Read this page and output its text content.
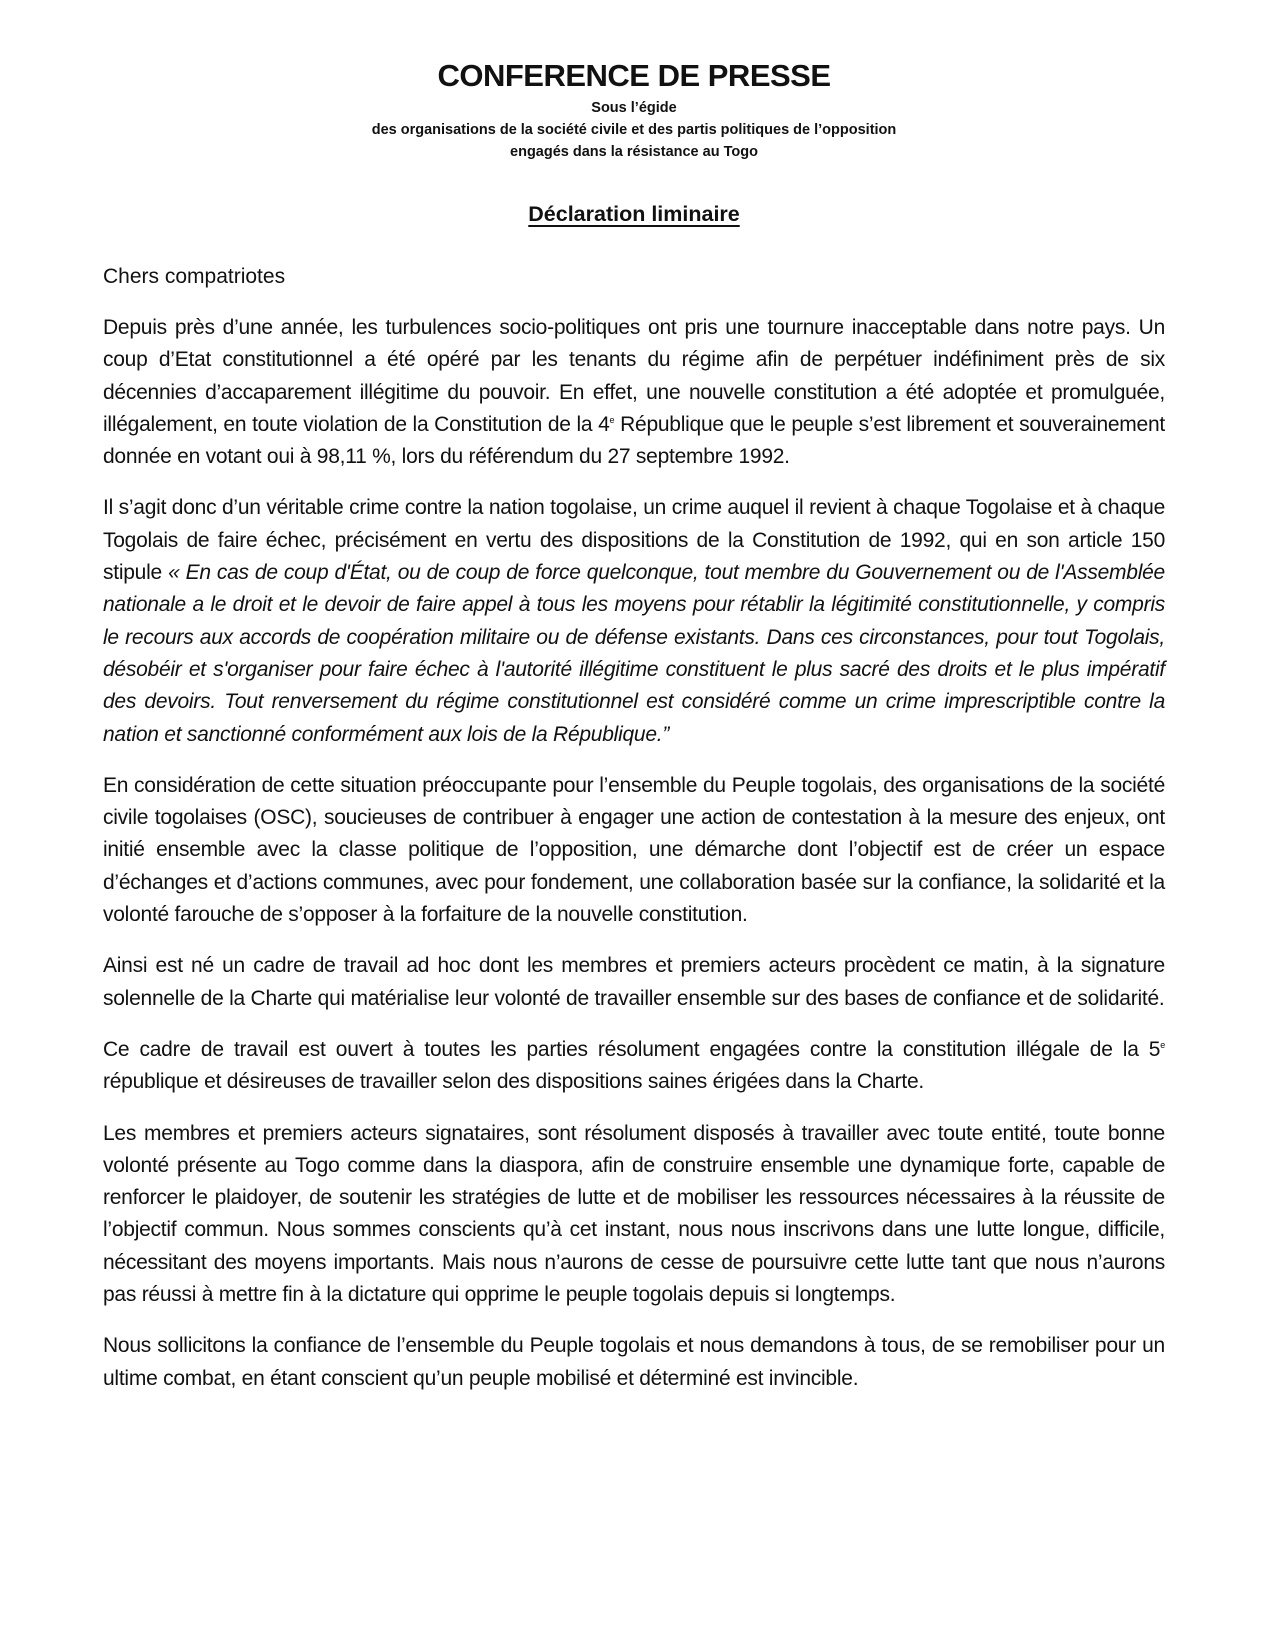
CONFERENCE DE PRESSE

Sous l’égide

des organisations de la société civile et des partis politiques de l’opposition

engagés dans la résistance au Togo

Déclaration liminaire
Chers compatriotes
Depuis près d’une année, les turbulences socio-politiques ont pris une tournure inacceptable dans notre pays. Un coup d’Etat constitutionnel a été opéré par les tenants du régime afin de perpétuer indéfiniment près de six décennies d’accaparement illégitime du pouvoir. En effet, une nouvelle constitution a été adoptée et promulguée, illégalement, en toute violation de la Constitution de la 4e République que le peuple s’est librement et souverainement donnée en votant oui à 98,11 %, lors du référendum du 27 septembre 1992.
Il s’agit donc d’un véritable crime contre la nation togolaise, un crime auquel il revient à chaque Togolaise et à chaque Togolais de faire échec, précisément en vertu des dispositions de la Constitution de 1992, qui en son article 150 stipule « En cas de coup d'État, ou de coup de force quelconque, tout membre du Gouvernement ou de l'Assemblée nationale a le droit et le devoir de faire appel à tous les moyens pour rétablir la légitimité constitutionnelle, y compris le recours aux accords de coopération militaire ou de défense existants. Dans ces circonstances, pour tout Togolais, désobéir et s'organiser pour faire échec à l'autorité illégitime constituent le plus sacré des droits et le plus impératif des devoirs. Tout renversement du régime constitutionnel est considéré comme un crime imprescriptible contre la nation et sanctionné conformément aux lois de la République.”
En considération de cette situation préoccupante pour l’ensemble du Peuple togolais, des organisations de la société civile togolaises (OSC), soucieuses de contribuer à engager une action de contestation à la mesure des enjeux, ont initié ensemble avec la classe politique de l’opposition, une démarche dont l’objectif est de créer un espace d’échanges et d’actions communes, avec pour fondement, une collaboration basée sur la confiance, la solidarité et la volonté farouche de s’opposer à la forfaiture de la nouvelle constitution.
Ainsi est né un cadre de travail ad hoc dont les membres et premiers acteurs procèdent ce matin, à la signature solennelle de la Charte qui matérialise leur volonté de travailler ensemble sur des bases de confiance et de solidarité.
Ce cadre de travail est ouvert à toutes les parties résolument engagées contre la constitution illégale de la 5e république et désireuses de travailler selon des dispositions saines érigées dans la Charte.
Les membres et premiers acteurs signataires, sont résolument disposés à travailler avec toute entité, toute bonne volonté présente au Togo comme dans la diaspora, afin de construire ensemble une dynamique forte, capable de renforcer le plaidoyer, de soutenir les stratégies de lutte et de mobiliser les ressources nécessaires à la réussite de l’objectif commun. Nous sommes conscients qu’à cet instant, nous nous inscrivons dans une lutte longue, difficile, nécessitant des moyens importants. Mais nous n’aurons de cesse de poursuivre cette lutte tant que nous n’aurons pas réussi à mettre fin à la dictature qui opprime le peuple togolais depuis si longtemps.
Nous sollicitons la confiance de l’ensemble du Peuple togolais et nous demandons à tous, de se remobiliser pour un ultime combat, en étant conscient qu’un peuple mobilisé et déterminé est invincible.
